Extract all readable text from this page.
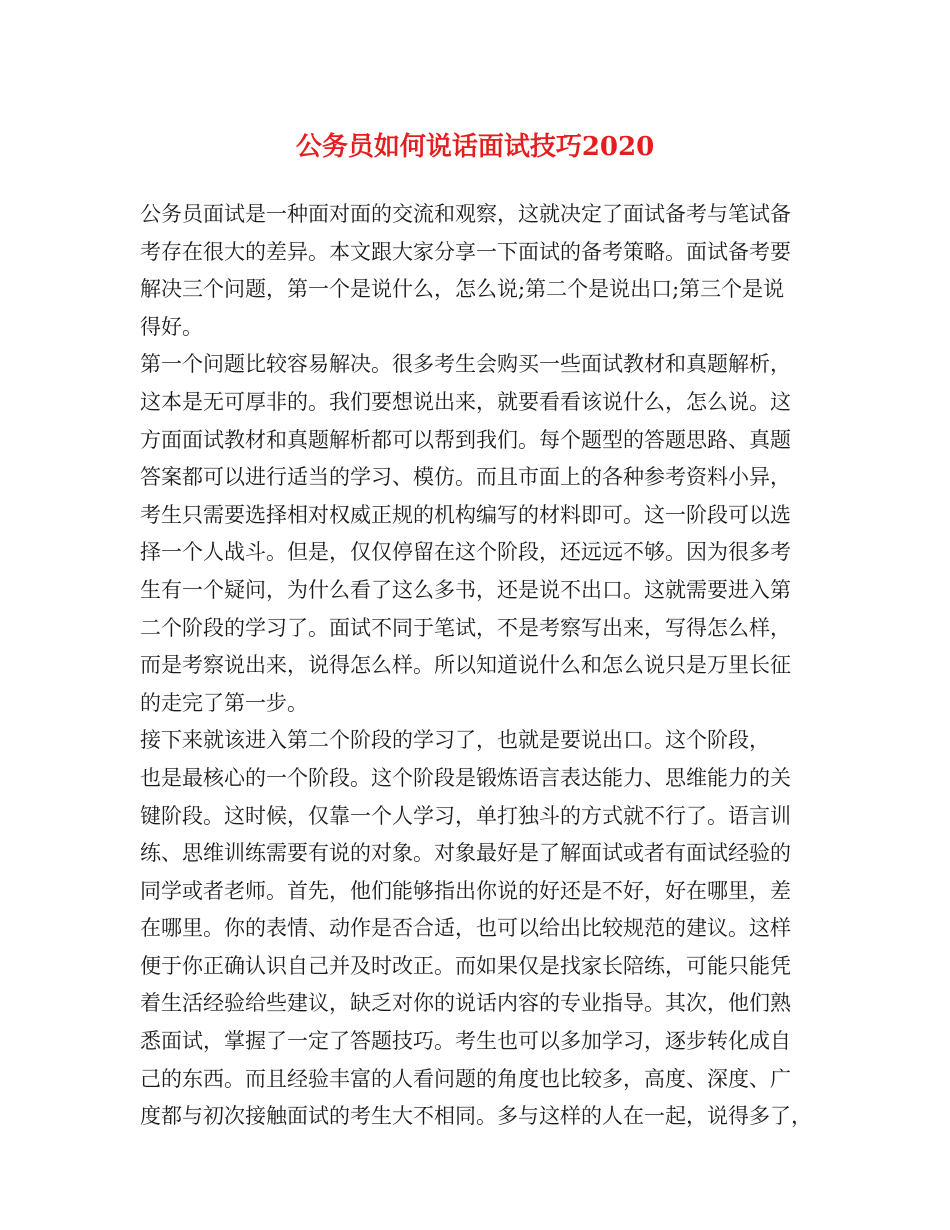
公务员如何说话面试技巧2020
公务员面试是一种面对面的交流和观察，这就决定了面试备考与笔试备
考存在很大的差异。本文跟大家分享一下面试的备考策略。面试备考要
解决三个问题，第一个是说什么，怎么说;第二个是说出口;第三个是说
得好。
第一个问题比较容易解决。很多考生会购买一些面试教材和真题解析，
这本是无可厚非的。我们要想说出来，就要看看该说什么，怎么说。这
方面面试教材和真题解析都可以帮到我们。每个题型的答题思路、真题
答案都可以进行适当的学习、模仿。而且市面上的各种参考资料小异，
考生只需要选择相对权威正规的机构编写的材料即可。这一阶段可以选
择一个人战斗。但是，仅仅停留在这个阶段，还远远不够。因为很多考
生有一个疑问，为什么看了这么多书，还是说不出口。这就需要进入第
二个阶段的学习了。面试不同于笔试，不是考察写出来，写得怎么样，
而是考察说出来，说得怎么样。所以知道说什么和怎么说只是万里长征
的走完了第一步。
接下来就该进入第二个阶段的学习了，也就是要说出口。这个阶段，
也是最核心的一个阶段。这个阶段是锻炼语言表达能力、思维能力的关
键阶段。这时候，仅靠一个人学习，单打独斗的方式就不行了。语言训
练、思维训练需要有说的对象。对象最好是了解面试或者有面试经验的
同学或者老师。首先，他们能够指出你说的好还是不好，好在哪里，差
在哪里。你的表情、动作是否合适，也可以给出比较规范的建议。这样
便于你正确认识自己并及时改正。而如果仅是找家长陪练，可能只能凭
着生活经验给些建议，缺乏对你的说话内容的专业指导。其次，他们熟
悉面试，掌握了一定了答题技巧。考生也可以多加学习，逐步转化成自
己的东西。而且经验丰富的人看问题的角度也比较多，高度、深度、广
度都与初次接触面试的考生大不相同。多与这样的人在一起，说得多了，
